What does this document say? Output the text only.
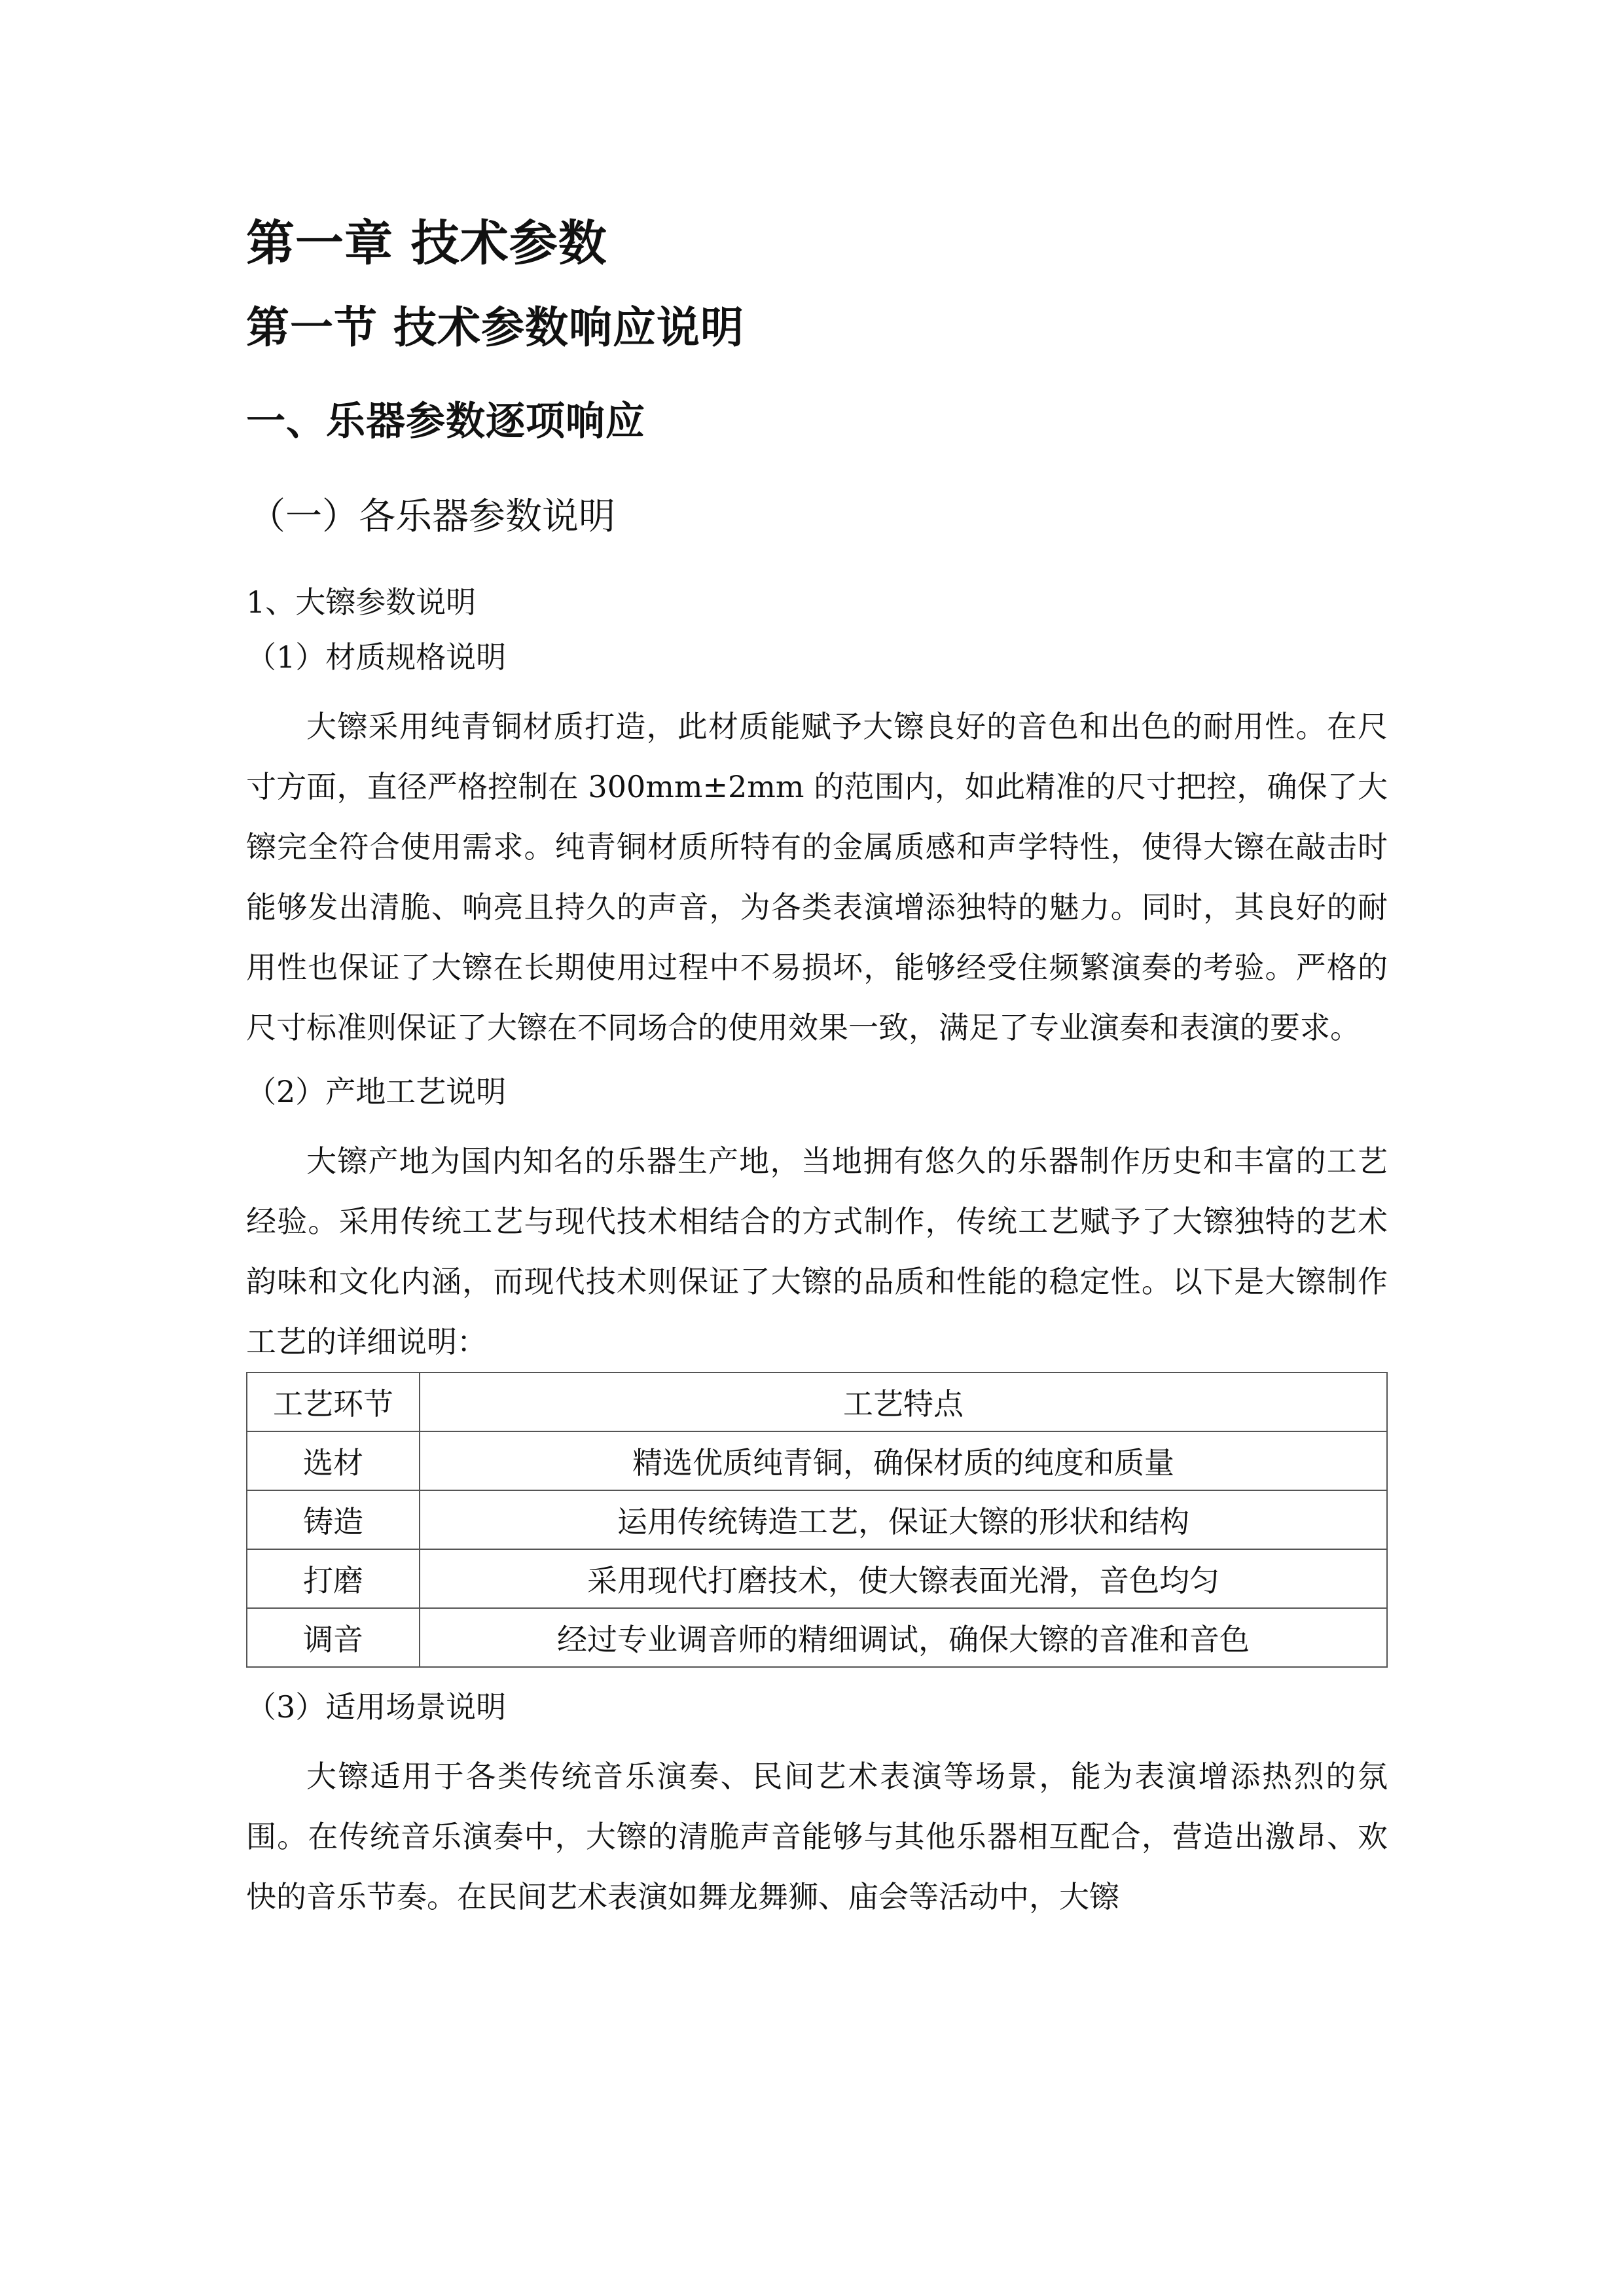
第一章 技术参数
第一节 技术参数响应说明
一、乐器参数逐项响应
（一）各乐器参数说明
1、大镲参数说明
（1）材质规格说明

大镲采用纯青铜材质打造，此材质能赋予大镲良好的音色和出色的耐用性。在尺寸方面，直径严格控制在 300mm±2mm 的范围内，如此精准的尺寸把控，确保了大镲完全符合使用需求。纯青铜材质所特有的金属质感和声学特性，使得大镲在敲击时能够发出清脆、响亮且持久的声音，为各类表演增添独特的魅力。同时，其良好的耐用性也保证了大镲在长期使用过程中不易损坏，能够经受住频繁演奏的考验。严格的尺寸标准则保证了大镲在不同场合的使用效果一致，满足了专业演奏和表演的要求。

（2）产地工艺说明

大镲产地为国内知名的乐器生产地，当地拥有悠久的乐器制作历史和丰富的工艺经验。采用传统工艺与现代技术相结合的方式制作，传统工艺赋予了大镲独特的艺术韵味和文化内涵，而现代技术则保证了大镲的品质和性能的稳定性。以下是大镲制作工艺的详细说明：

工艺环节	工艺特点
选材	精选优质纯青铜，确保材质的纯度和质量
铸造	运用传统铸造工艺，保证大镲的形状和结构
打磨	采用现代打磨技术，使大镲表面光滑，音色均匀
调音	经过专业调音师的精细调试，确保大镲的音准和音色
（3）适用场景说明

大镲适用于各类传统音乐演奏、民间艺术表演等场景，能为表演增添热烈的氛围。在传统音乐演奏中，大镲的清脆声音能够与其他乐器相互配合，营造出激昂、欢快的音乐节奏。在民间艺术表演如舞龙舞狮、庙会等活动中，大镲
